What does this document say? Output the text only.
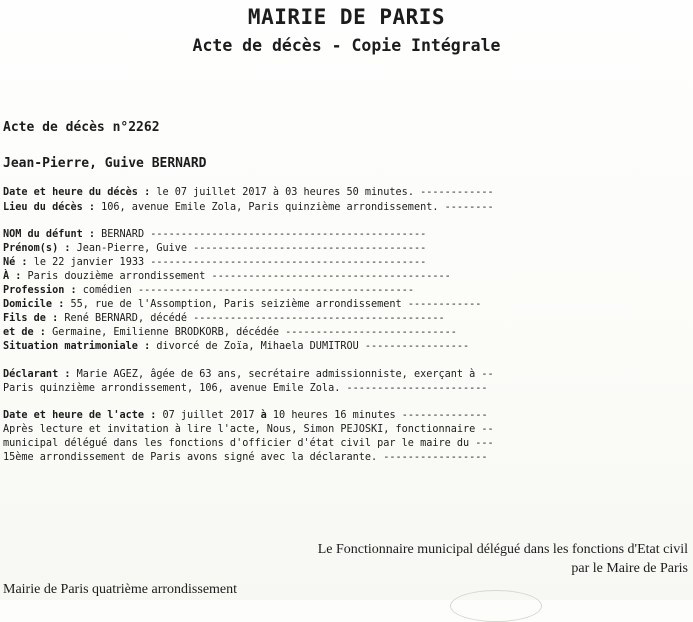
MAIRIE DE PARIS
Acte de décès - Copie Intégrale
Acte de décès n°2262
Jean-Pierre, Guive BERNARD
Date et heure du décès : le 07 juillet 2017 à 03 heures 50 minutes. ------------
Lieu du décès : 106, avenue Emile Zola, Paris quinzième arrondissement. --------
NOM du défunt : BERNARD ---------------------------------------------
Prénom(s) : Jean-Pierre, Guive --------------------------------------
Né : le 22 janvier 1933 ---------------------------------------------
À : Paris douzième arrondissement ---------------------------------------
Profession : comédien ---------------------------------------------
Domicile : 55, rue de l'Assomption, Paris seizième arrondissement ------------
Fils de : René BERNARD, décédé -----------------------------------------
et de : Germaine, Emilienne BRODKORB, décédée ----------------------------
Situation matrimoniale : divorcé de Zoïa, Mihaela DUMITROU -----------------
Déclarant : Marie AGEZ, âgée de 63 ans, secrétaire admissionniste, exerçant à --
Paris quinzième arrondissement, 106, avenue Emile Zola. -----------------------
Date et heure de l'acte : 07 juillet 2017 à 10 heures 16 minutes --------------
Après lecture et invitation à lire l'acte, Nous, Simon PEJOSKI, fonctionnaire --
municipal délégué dans les fonctions d'officier d'état civil par le maire du ---
15ème arrondissement de Paris avons signé avec la déclarante. -----------------
Le Fonctionnaire municipal délégué dans les fonctions d'Etat civil
par le Maire de Paris
Mairie de Paris quatrième arrondissement
